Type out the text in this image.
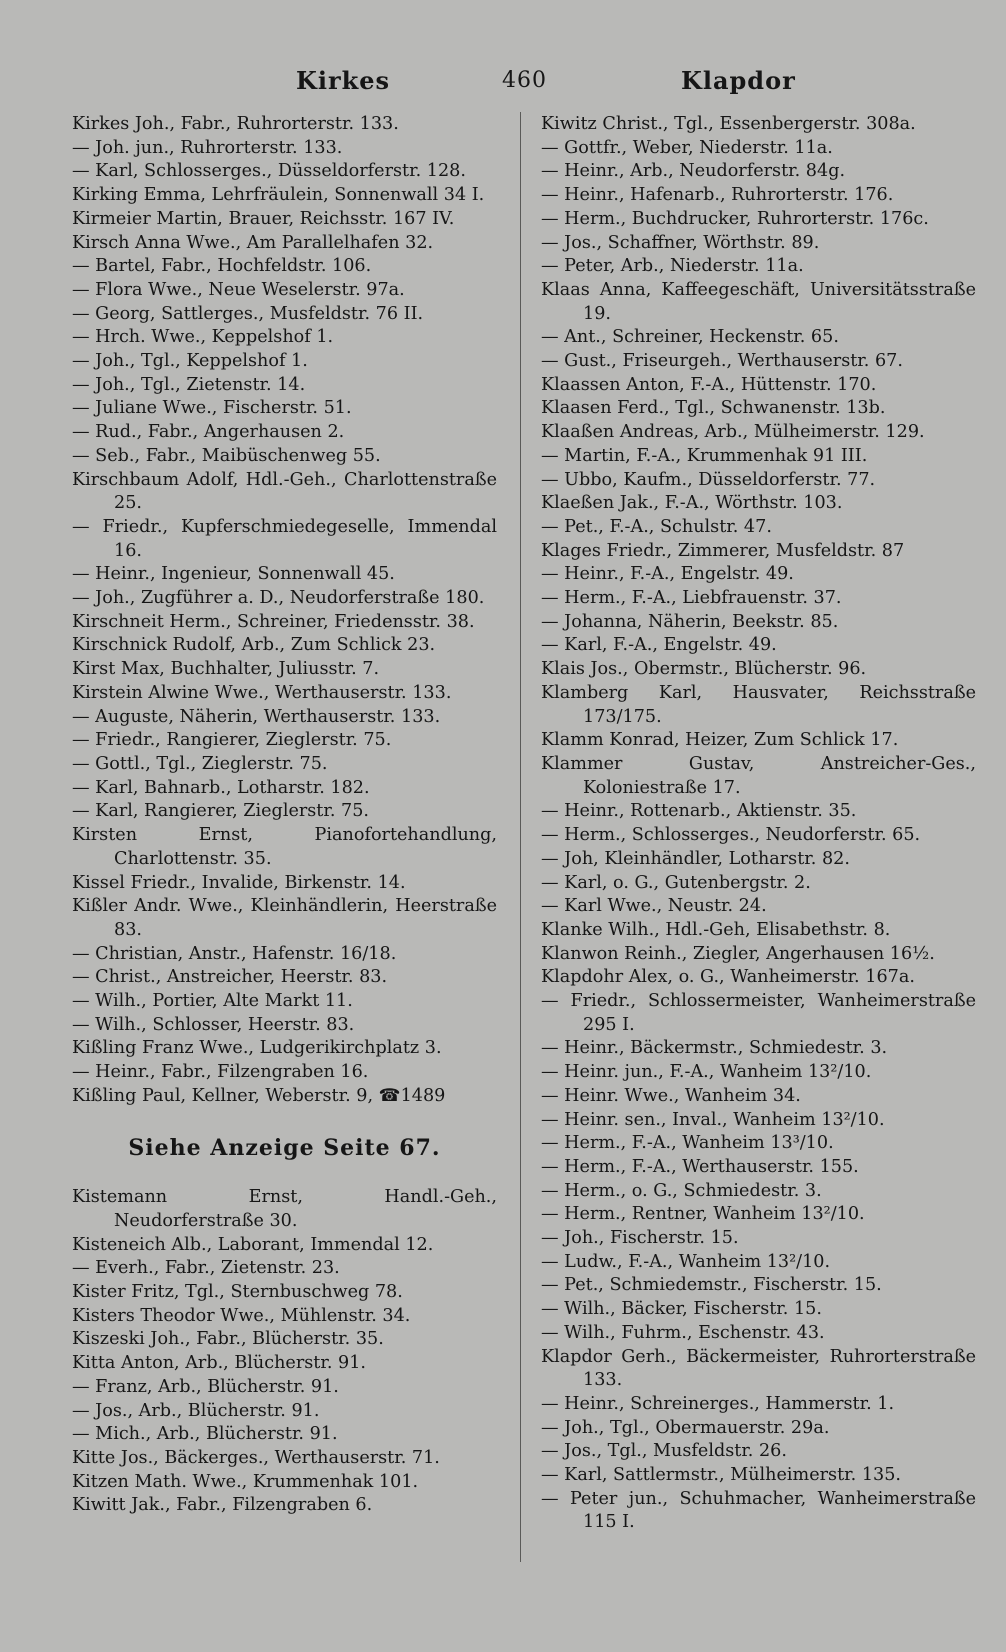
Kirkes	460	Klapdor

Kirkes Joh., Fabr., Ruhrorterstr. 133.

— Joh. jun., Ruhrorterstr. 133.

— Karl, Schlosserges., Düsseldorferstr. 128.

Kirking Emma, Lehrfräulein, Sonnenwall 34 I.

Kirmeier Martin, Brauer, Reichsstr. 167 IV.

Kirsch Anna Wwe., Am Parallelhafen 32.

— Bartel, Fabr., Hochfeldstr. 106.

— Flora Wwe., Neue Weselerstr. 97a.

— Georg, Sattlerges., Musfeldstr. 76 II.

— Hrch. Wwe., Keppelshof 1.

— Joh., Tgl., Keppelshof 1.

— Joh., Tgl., Zietenstr. 14.

— Juliane Wwe., Fischerstr. 51.

— Rud., Fabr., Angerhausen 2.

— Seb., Fabr., Maibüschenweg 55.

Kirschbaum Adolf, Hdl.-Geh., Charlottenstraße 25.

— Friedr., Kupferschmiedegeselle, Immendal 16.

— Heinr., Ingenieur, Sonnenwall 45.

— Joh., Zugführer a. D., Neudorferstraße 180.

Kirschneit Herm., Schreiner, Friedensstr. 38.

Kirschnick Rudolf, Arb., Zum Schlick 23.

Kirst Max, Buchhalter, Juliusstr. 7.

Kirstein Alwine Wwe., Werthauserstr. 133.

— Auguste, Näherin, Werthauserstr. 133.

— Friedr., Rangierer, Zieglerstr. 75.

— Gottl., Tgl., Zieglerstr. 75.

— Karl, Bahnarb., Lotharstr. 182.

— Karl, Rangierer, Zieglerstr. 75.

Kirsten Ernst, Pianofortehandlung, Charlottenstr. 35.

Kissel Friedr., Invalide, Birkenstr. 14.

Kißler Andr. Wwe., Kleinhändlerin, Heerstraße 83.

— Christian, Anstr., Hafenstr. 16/18.

— Christ., Anstreicher, Heerstr. 83.

— Wilh., Portier, Alte Markt 11.

— Wilh., Schlosser, Heerstr. 83.

Kißling Franz Wwe., Ludgerikirchplatz 3.

— Heinr., Fabr., Filzengraben 16.

Kißling Paul, Kellner, Weberstr. 9, ☎1489

Siehe Anzeige Seite 67.

Kistemann Ernst, Handl.-Geh., Neudorferstraße 30.

Kisteneich Alb., Laborant, Immendal 12.

— Everh., Fabr., Zietenstr. 23.

Kister Fritz, Tgl., Sternbuschweg 78.

Kisters Theodor Wwe., Mühlenstr. 34.

Kiszeski Joh., Fabr., Blücherstr. 35.

Kitta Anton, Arb., Blücherstr. 91.

— Franz, Arb., Blücherstr. 91.

— Jos., Arb., Blücherstr. 91.

— Mich., Arb., Blücherstr. 91.

Kitte Jos., Bäckerges., Werthauserstr. 71.

Kitzen Math. Wwe., Krummenhak 101.

Kiwitt Jak., Fabr., Filzengraben 6.

Kiwitz Christ., Tgl., Essenbergerstr. 308a.

— Gottfr., Weber, Niederstr. 11a.

— Heinr., Arb., Neudorferstr. 84g.

— Heinr., Hafenarb., Ruhrorterstr. 176.

— Herm., Buchdrucker, Ruhrorterstr. 176c.

— Jos., Schaffner, Wörthstr. 89.

— Peter, Arb., Niederstr. 11a.

Klaas Anna, Kaffeegeschäft, Universitätsstraße 19.

— Ant., Schreiner, Heckenstr. 65.

— Gust., Friseurgeh., Werthauserstr. 67.

Klaassen Anton, F.-A., Hüttenstr. 170.

Klaasen Ferd., Tgl., Schwanenstr. 13b.

Klaaßen Andreas, Arb., Mülheimerstr. 129.

— Martin, F.-A., Krummenhak 91 III.

— Ubbo, Kaufm., Düsseldorferstr. 77.

Klaeßen Jak., F.-A., Wörthstr. 103.

— Pet., F.-A., Schulstr. 47.

Klages Friedr., Zimmerer, Musfeldstr. 87

— Heinr., F.-A., Engelstr. 49.

— Herm., F.-A., Liebfrauenstr. 37.

— Johanna, Näherin, Beekstr. 85.

— Karl, F.-A., Engelstr. 49.

Klais Jos., Obermstr., Blücherstr. 96.

Klamberg Karl, Hausvater, Reichsstraße 173/175.

Klamm Konrad, Heizer, Zum Schlick 17.

Klammer Gustav, Anstreicher-Ges., Koloniestraße 17.

— Heinr., Rottenarb., Aktienstr. 35.

— Herm., Schlosserges., Neudorferstr. 65.

— Joh, Kleinhändler, Lotharstr. 82.

— Karl, o. G., Gutenbergstr. 2.

— Karl Wwe., Neustr. 24.

Klanke Wilh., Hdl.-Geh, Elisabethstr. 8.

Klanwon Reinh., Ziegler, Angerhausen 16½.

Klapdohr Alex, o. G., Wanheimerstr. 167a.

— Friedr., Schlossermeister, Wanheimerstraße 295 I.

— Heinr., Bäckermstr., Schmiedestr. 3.

— Heinr. jun., F.-A., Wanheim 13²/10.

— Heinr. Wwe., Wanheim 34.

— Heinr. sen., Inval., Wanheim 13²/10.

— Herm., F.-A., Wanheim 13³/10.

— Herm., F.-A., Werthauserstr. 155.

— Herm., o. G., Schmiedestr. 3.

— Herm., Rentner, Wanheim 13²/10.

— Joh., Fischerstr. 15.

— Ludw., F.-A., Wanheim 13²/10.

— Pet., Schmiedemstr., Fischerstr. 15.

— Wilh., Bäcker, Fischerstr. 15.

— Wilh., Fuhrm., Eschenstr. 43.

Klapdor Gerh., Bäckermeister, Ruhrorterstraße 133.

— Heinr., Schreinerges., Hammerstr. 1.

— Joh., Tgl., Obermauerstr. 29a.

— Jos., Tgl., Musfeldstr. 26.

— Karl, Sattlermstr., Mülheimerstr. 135.

— Peter jun., Schuhmacher, Wanheimerstraße 115 I.
